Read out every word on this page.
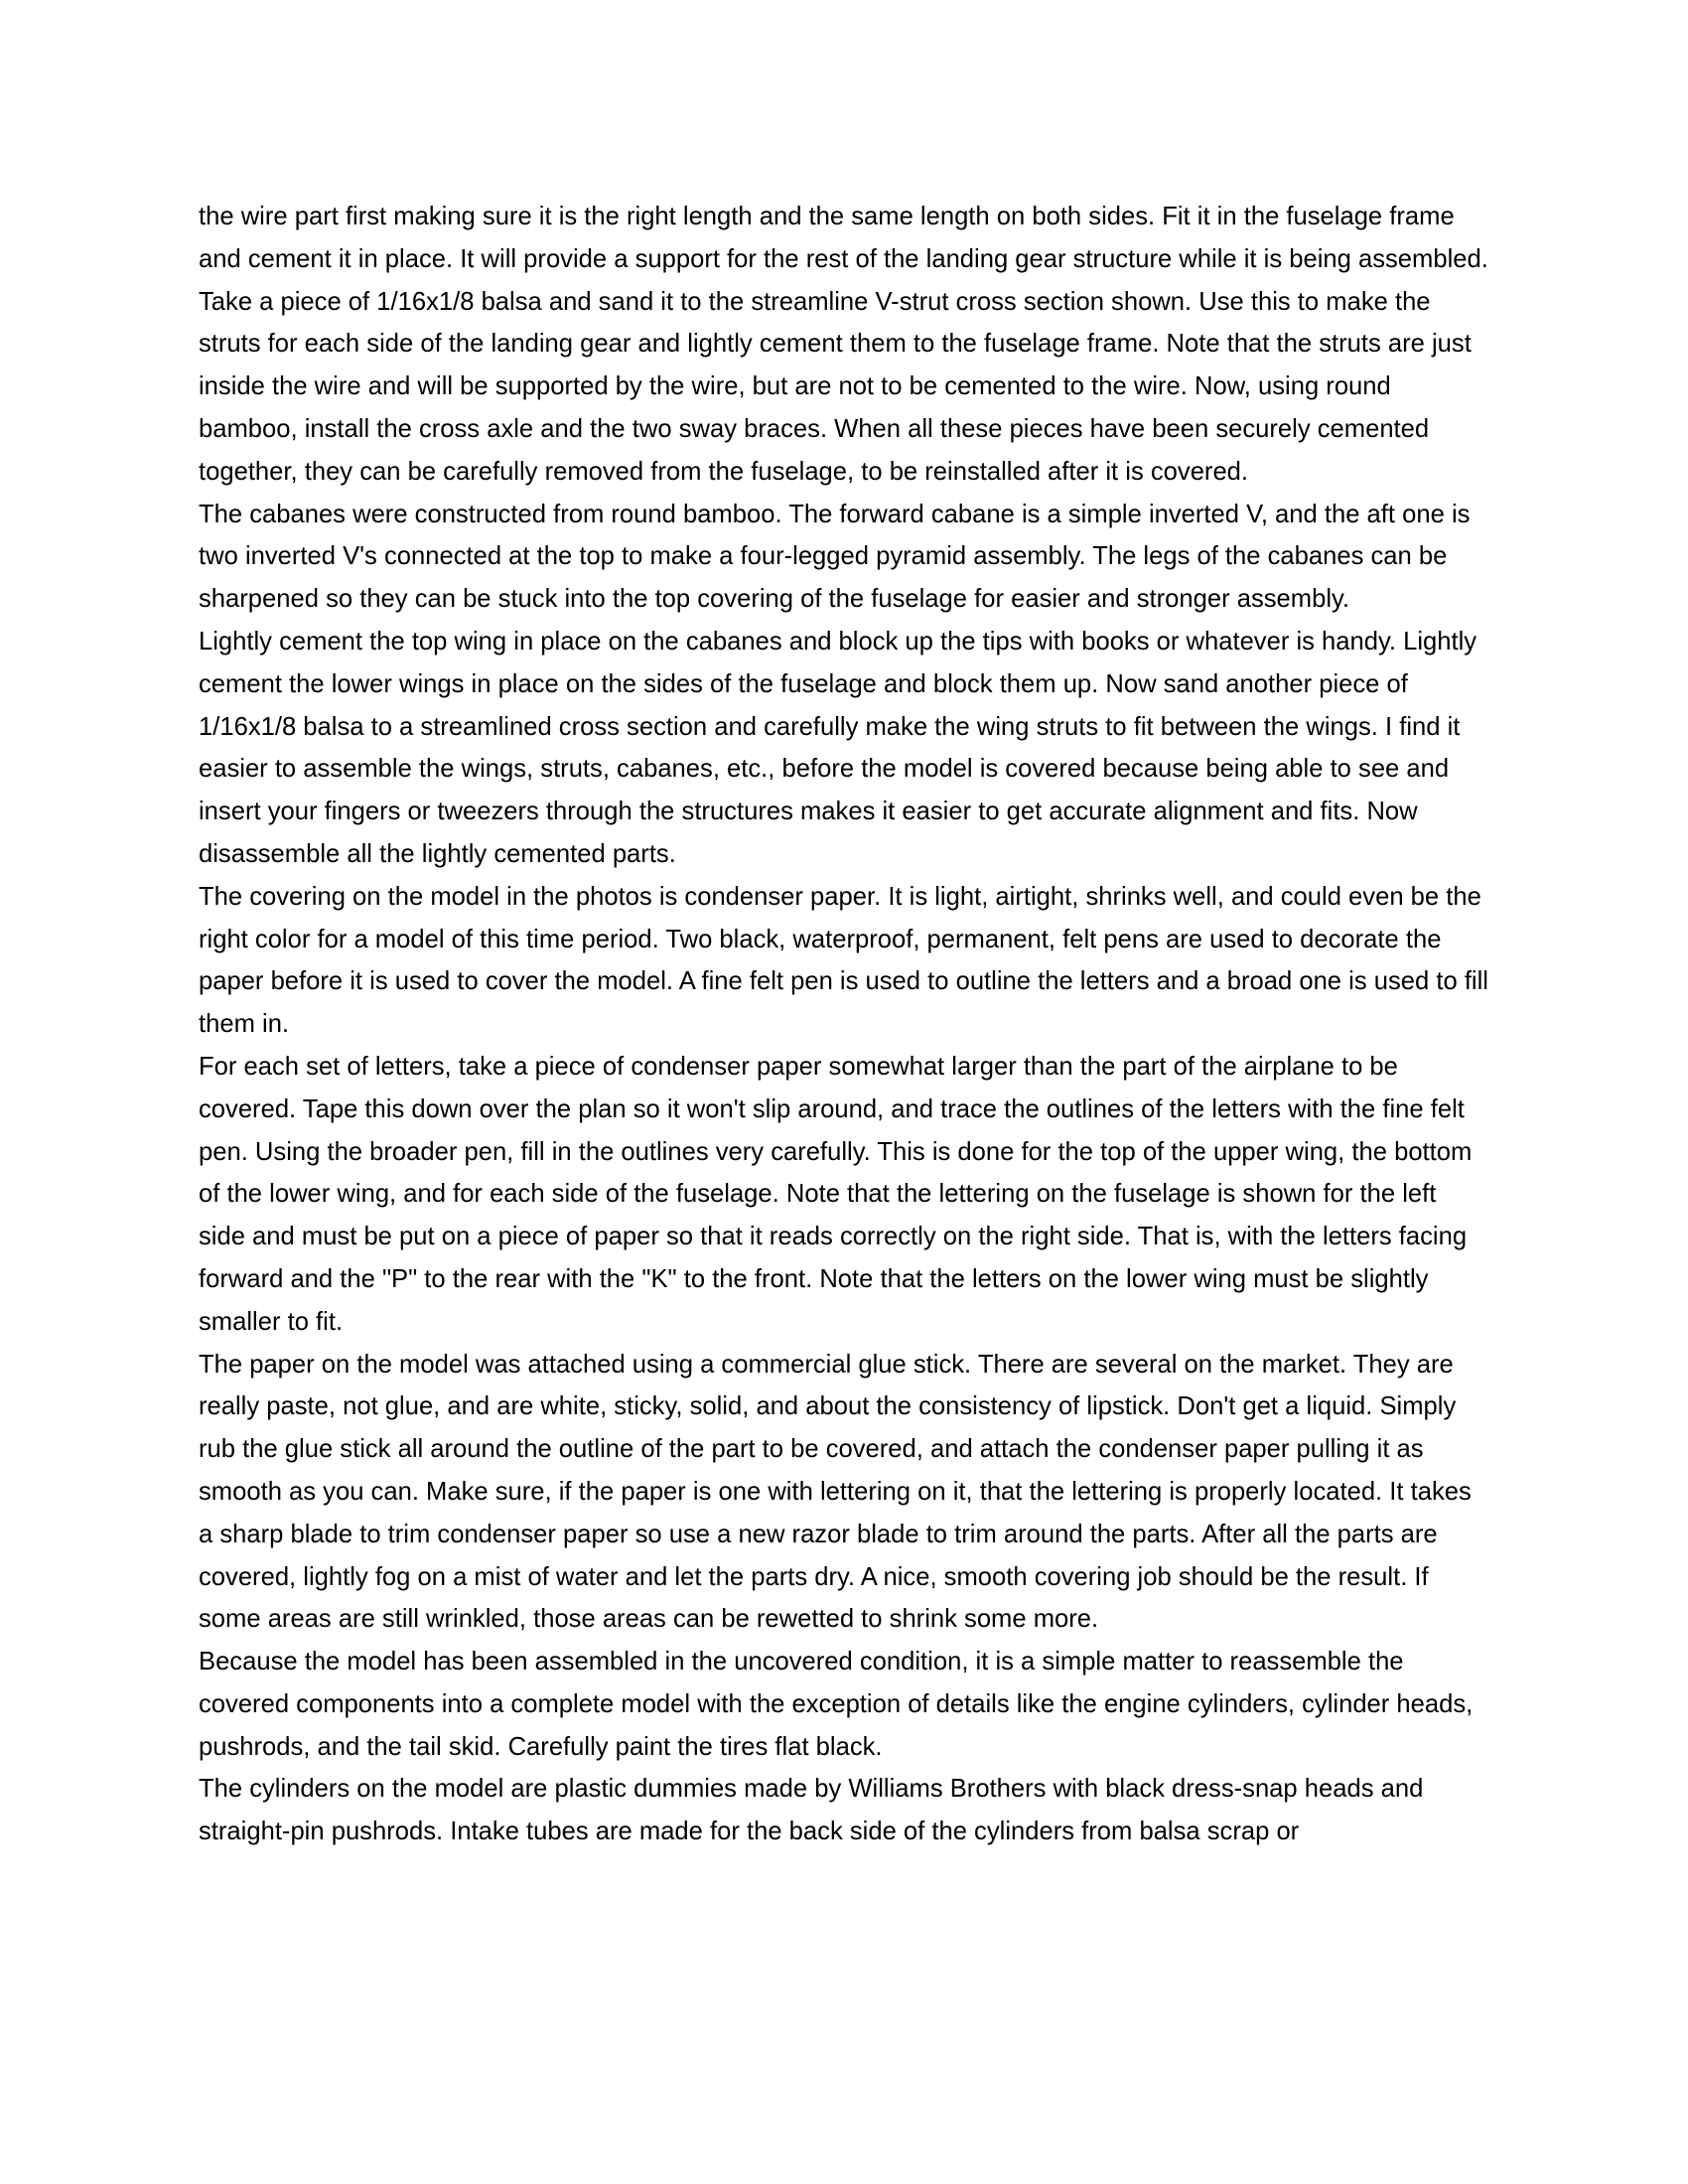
the wire part first making sure it is the right length and the same length on both sides. Fit it in the fuselage frame and cement it in place. It will provide a support for the rest of the landing gear structure while it is being assembled. Take a piece of 1/16x1/8 balsa and sand it to the streamline V-strut cross section shown. Use this to make the struts for each side of the landing gear and lightly cement them to the fuselage frame. Note that the struts are just inside the wire and will be supported by the wire, but are not to be cemented to the wire. Now, using round bamboo, install the cross axle and the two sway braces. When all these pieces have been securely cemented together, they can be carefully removed from the fuselage, to be reinstalled after it is covered.

The cabanes were constructed from round bamboo. The forward cabane is a simple inverted V, and the aft one is two inverted V's connected at the top to make a four-legged pyramid assembly. The legs of the cabanes can be sharpened so they can be stuck into the top covering of the fuselage for easier and stronger assembly.

Lightly cement the top wing in place on the cabanes and block up the tips with books or whatever is handy. Lightly cement the lower wings in place on the sides of the fuselage and block them up. Now sand another piece of 1/16x1/8 balsa to a streamlined cross section and carefully make the wing struts to fit between the wings. I find it easier to assemble the wings, struts, cabanes, etc., before the model is covered because being able to see and insert your fingers or tweezers through the structures makes it easier to get accurate alignment and fits. Now disassemble all the lightly cemented parts.

The covering on the model in the photos is condenser paper. It is light, airtight, shrinks well, and could even be the right color for a model of this time period. Two black, waterproof, permanent, felt pens are used to decorate the paper before it is used to cover the model. A fine felt pen is used to outline the letters and a broad one is used to fill them in.

For each set of letters, take a piece of condenser paper somewhat larger than the part of the airplane to be covered. Tape this down over the plan so it won't slip around, and trace the outlines of the letters with the fine felt pen. Using the broader pen, fill in the outlines very carefully. This is done for the top of the upper wing, the bottom of the lower wing, and for each side of the fuselage. Note that the lettering on the fuselage is shown for the left side and must be put on a piece of paper so that it reads correctly on the right side. That is, with the letters facing forward and the "P" to the rear with the "K" to the front. Note that the letters on the lower wing must be slightly smaller to fit.

The paper on the model was attached using a commercial glue stick. There are several on the market. They are really paste, not glue, and are white, sticky, solid, and about the consistency of lipstick. Don't get a liquid. Simply rub the glue stick all around the outline of the part to be covered, and attach the condenser paper pulling it as smooth as you can. Make sure, if the paper is one with lettering on it, that the lettering is properly located. It takes a sharp blade to trim condenser paper so use a new razor blade to trim around the parts. After all the parts are covered, lightly fog on a mist of water and let the parts dry. A nice, smooth covering job should be the result. If some areas are still wrinkled, those areas can be rewetted to shrink some more.

Because the model has been assembled in the uncovered condition, it is a simple matter to reassemble the covered components into a complete model with the exception of details like the engine cylinders, cylinder heads, pushrods, and the tail skid. Carefully paint the tires flat black.

The cylinders on the model are plastic dummies made by Williams Brothers with black dress-snap heads and straight-pin pushrods. Intake tubes are made for the back side of the cylinders from balsa scrap or
